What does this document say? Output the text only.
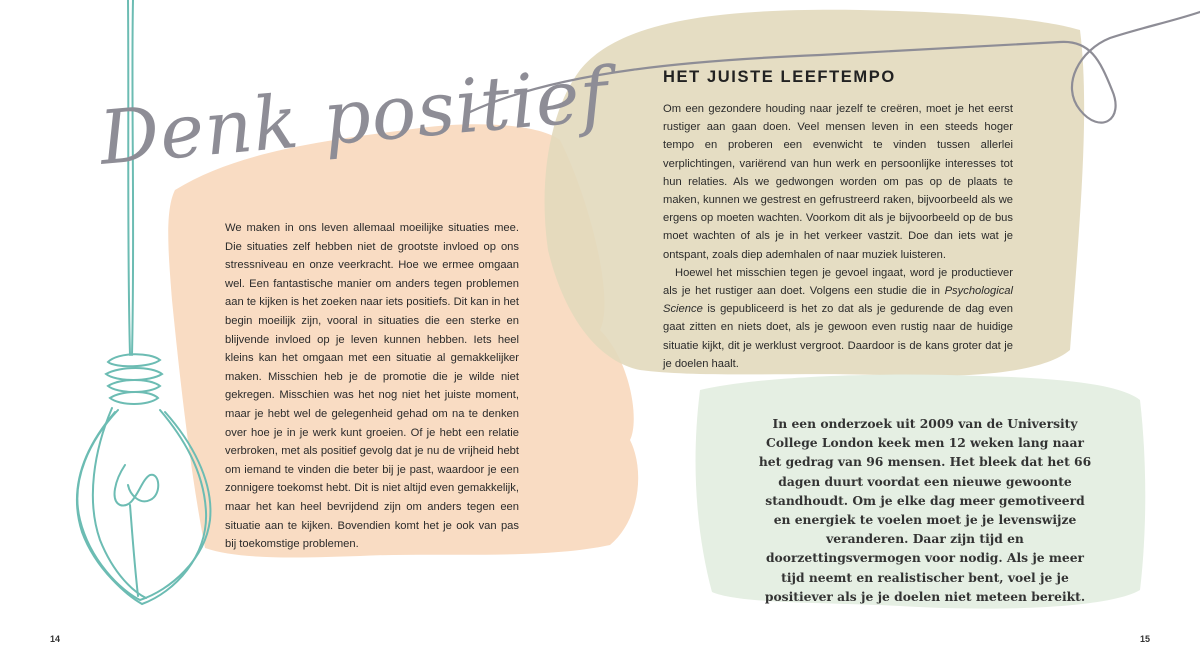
Denk positief

We maken in ons leven allemaal moeilijke situaties mee. Die situaties zelf hebben niet de grootste invloed op ons stressniveau en onze veerkracht. Hoe we ermee omgaan wel. Een fantastische manier om anders tegen problemen aan te kijken is het zoeken naar iets positiefs. Dit kan in het begin moeilijk zijn, vooral in situaties die een sterke en blijvende invloed op je leven kunnen hebben. Iets heel kleins kan het omgaan met een situatie al gemakkelijker maken. Misschien heb je de promotie die je wilde niet gekregen. Misschien was het nog niet het juiste moment, maar je hebt wel de gelegenheid gehad om na te denken over hoe je in je werk kunt groeien. Of je hebt een relatie verbroken, met als positief gevolg dat je nu de vrijheid hebt om iemand te vinden die beter bij je past, waardoor je een zonnigere toekomst hebt. Dit is niet altijd even gemakkelijk, maar het kan heel bevrijdend zijn om anders tegen een situatie aan te kijken. Bovendien komt het je ook van pas bij toekomstige problemen.

HET JUISTE LEEFTEMPO

Om een gezondere houding naar jezelf te creëren, moet je het eerst rustiger aan gaan doen. Veel mensen leven in een steeds hoger tempo en proberen een evenwicht te vinden tussen allerlei verplichtingen, variërend van hun werk en persoonlijke interesses tot hun relaties. Als we gedwongen worden om pas op de plaats te maken, kunnen we gestrest en gefrustreerd raken, bijvoorbeeld als we ergens op moeten wachten. Voorkom dit als je bijvoorbeeld op de bus moet wachten of als je in het verkeer vastzit. Doe dan iets wat je ontspant, zoals diep ademhalen of naar muziek luisteren.

Hoewel het misschien tegen je gevoel ingaat, word je productiever als je het rustiger aan doet. Volgens een studie die in Psychological Science is gepubliceerd is het zo dat als je gedurende de dag even gaat zitten en niets doet, als je gewoon even rustig naar de huidige situatie kijkt, dit je werklust vergroot. Daardoor is de kans groter dat je je doelen haalt.

In een onderzoek uit 2009 van de University College London keek men 12 weken lang naar het gedrag van 96 mensen. Het bleek dat het 66 dagen duurt voordat een nieuwe gewoonte standhoudt. Om je elke dag meer gemotiveerd en energiek te voelen moet je je levenswijze veranderen. Daar zijn tijd en doorzettingsvermogen voor nodig. Als je meer tijd neemt en realistischer bent, voel je je positiever als je je doelen niet meteen bereikt.

14	15
